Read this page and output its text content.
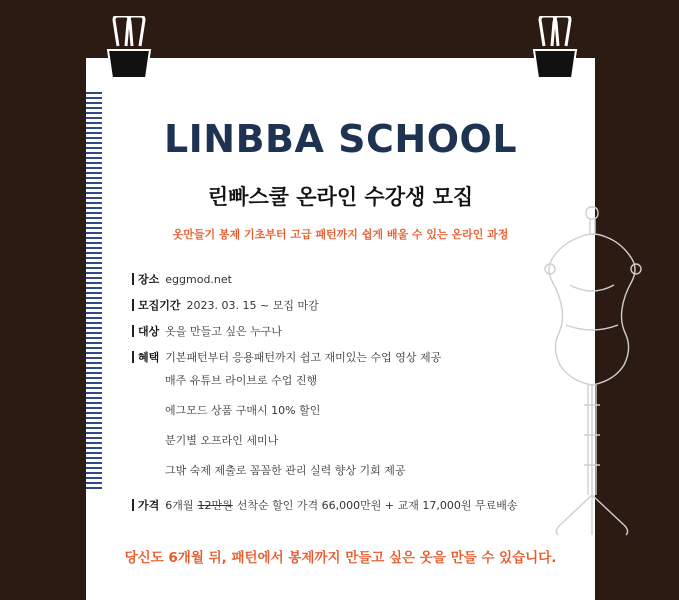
LINBBA SCHOOL
린빠스쿨 온라인 수강생 모집

옷만들기 봉제 기초부터 고급 패턴까지 쉽게 배울 수 있는 온라인 과정

장소 eggmod.net
모집기간 2023. 03. 15 ~ 모집 마감
대상 옷을 만들고 싶은 누구나
혜택 기본패턴부터 응용패턴까지 쉽고 재미있는 수업 영상 제공
매주 유튜브 라이브로 수업 진행
에그모드 상품 구매시 10% 할인
분기별 오프라인 세미나
그밖 숙제 제출로 꼼꼼한 관리 실력 향상 기회 제공
가격 6개월 12만원 선착순 할인 가격 66,000만원 + 교재 17,000원 무료배송

당신도 6개월 뒤, 패턴에서 봉제까지 만들고 싶은 옷을 만들 수 있습니다.
